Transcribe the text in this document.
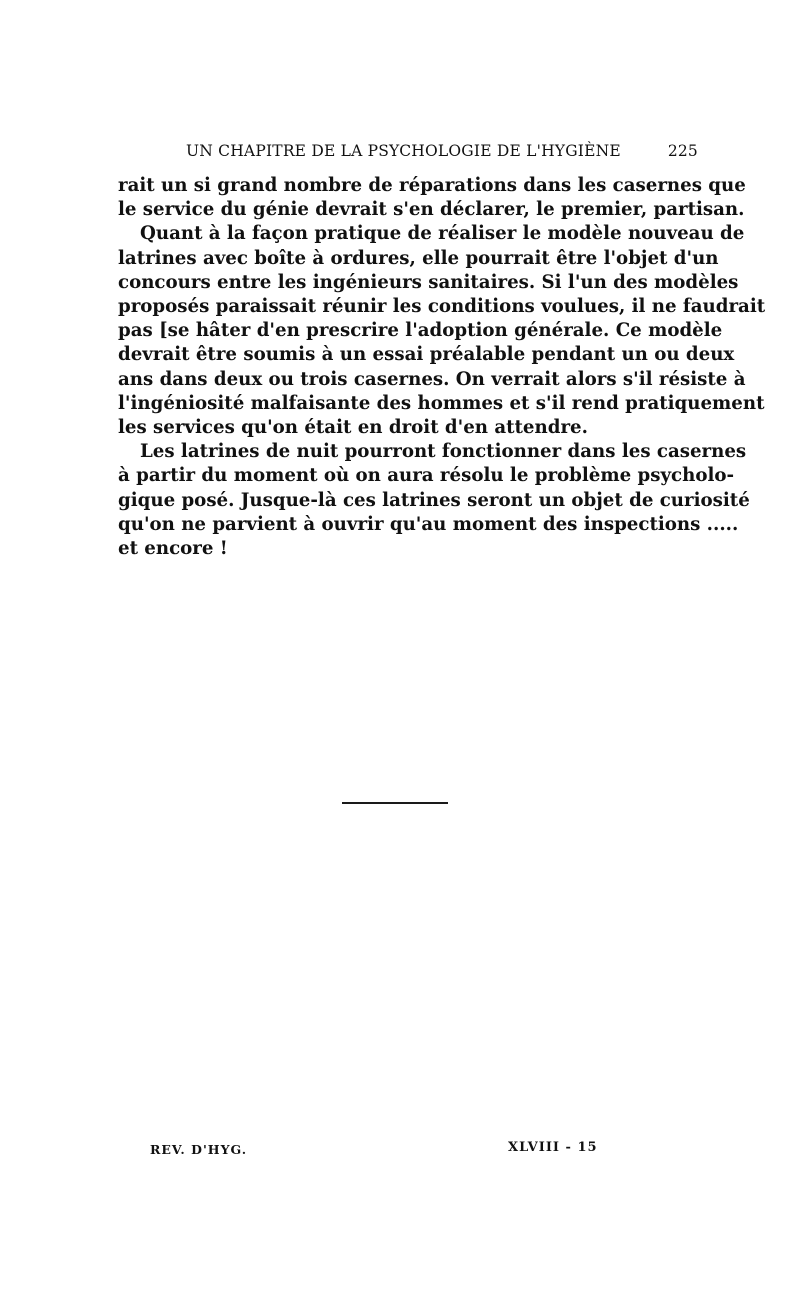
UN CHAPITRE DE LA PSYCHOLOGIE DE L'HYGIÈNE	225
rait un si grand nombre de réparations dans les casernes que
le service du génie devrait s'en déclarer, le premier, partisan.
Quant à la façon pratique de réaliser le modèle nouveau de
latrines avec boîte à ordures, elle pourrait être l'objet d'un
concours entre les ingénieurs sanitaires. Si l'un des modèles
proposés paraissait réunir les conditions voulues, il ne faudrait
pas [se hâter d'en prescrire l'adoption générale. Ce modèle
devrait être soumis à un essai préalable pendant un ou deux
ans dans deux ou trois casernes. On verrait alors s'il résiste à
l'ingéniosité malfaisante des hommes et s'il rend pratiquement
les services qu'on était en droit d'en attendre.
Les latrines de nuit pourront fonctionner dans les casernes
à partir du moment où on aura résolu le problème psycholo-
gique posé. Jusque-là ces latrines seront un objet de curiosité
qu'on ne parvient à ouvrir qu'au moment des inspections .....
et encore !
REV. D'HYG.	XLVIII - 15
